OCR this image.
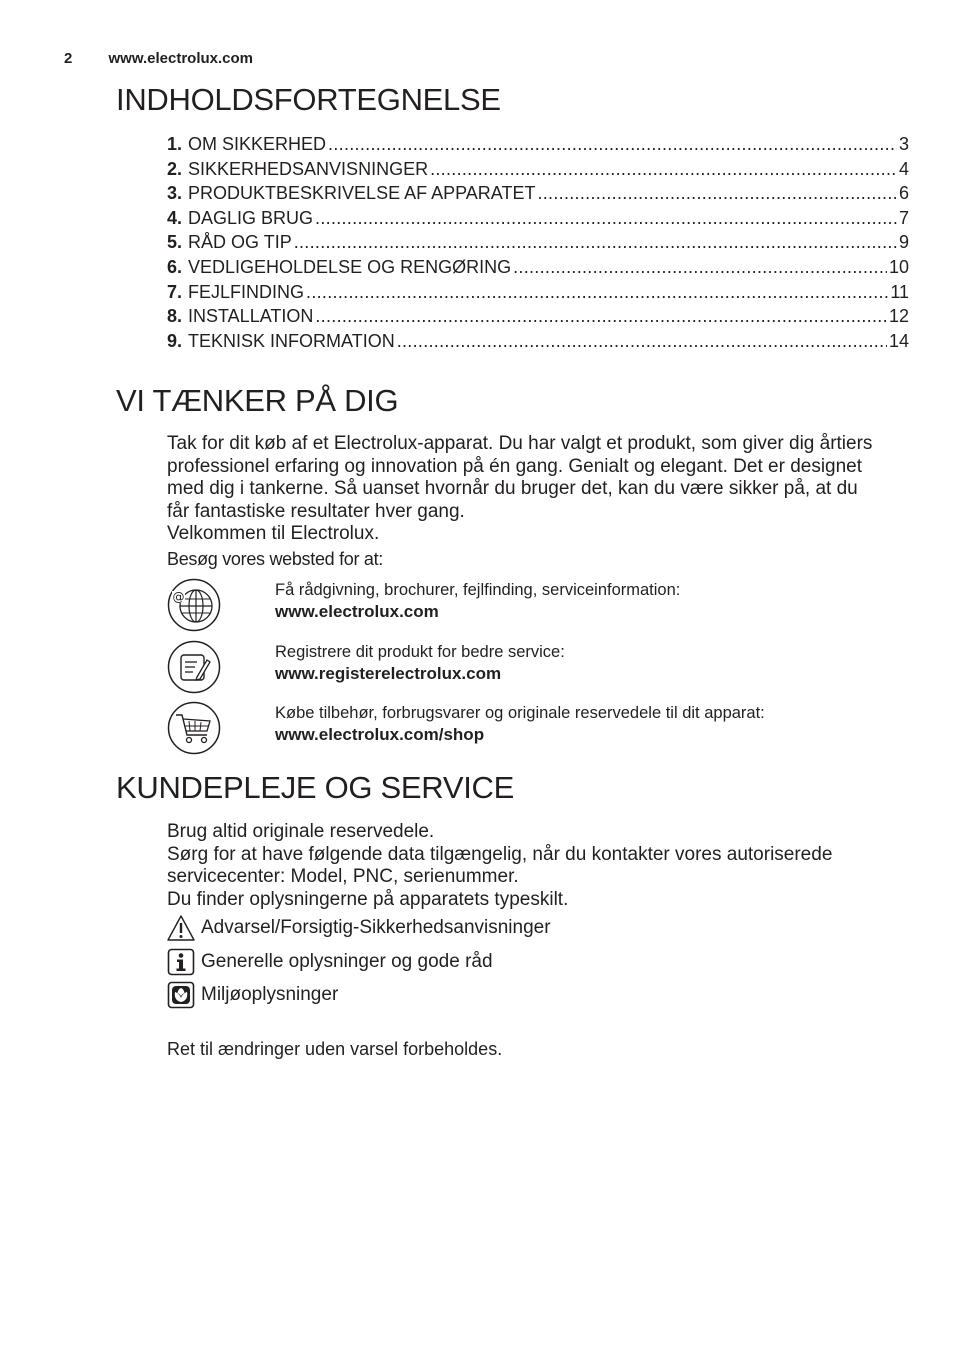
2 www.electrolux.com
INDHOLDSFORTEGNELSE
1. OM SIKKERHED .....	3
2. SIKKERHEDSANVISNINGER .....	4
3. PRODUKTBESKRIVELSE AF APPARATET .....	6
4. DAGLIG BRUG .....	7
5. RÅD OG TIP .....	9
6. VEDLIGEHOLDELSE OG RENGØRING .....	10
7. FEJLFINDING .....	11
8. INSTALLATION .....	12
9. TEKNISK INFORMATION .....	14
VI TÆNKER PÅ DIG

Tak for dit køb af et Electrolux-apparat. Du har valgt et produkt, som giver dig årtiers

professionel erfaring og innovation på én gang. Genialt og elegant. Det er designet

med dig i tankerne. Så uanset hvornår du bruger det, kan du være sikker på, at du

får fantastiske resultater hver gang.

Velkommen til Electrolux.

Besøg vores websted for at:
@	Få rådgivning, brochurer, fejlfinding, serviceinformation:
www.electrolux.com
Registrere dit produkt for bedre service:
www.registerelectrolux.com
Købe tilbehør, forbrugsvarer og originale reservedele til dit apparat:
www.electrolux.com/shop
KUNDEPLEJE OG SERVICE

Brug altid originale reservedele.

Sørg for at have følgende data tilgængelig, når du kontakter vores autoriserede

servicecenter: Model, PNC, serienummer.

Du finder oplysningerne på apparatets typeskilt.

Advarsel/Forsigtig-Sikkerhedsanvisninger
Generelle oplysninger og gode råd
Miljøoplysninger
Ret til ændringer uden varsel forbeholdes.
